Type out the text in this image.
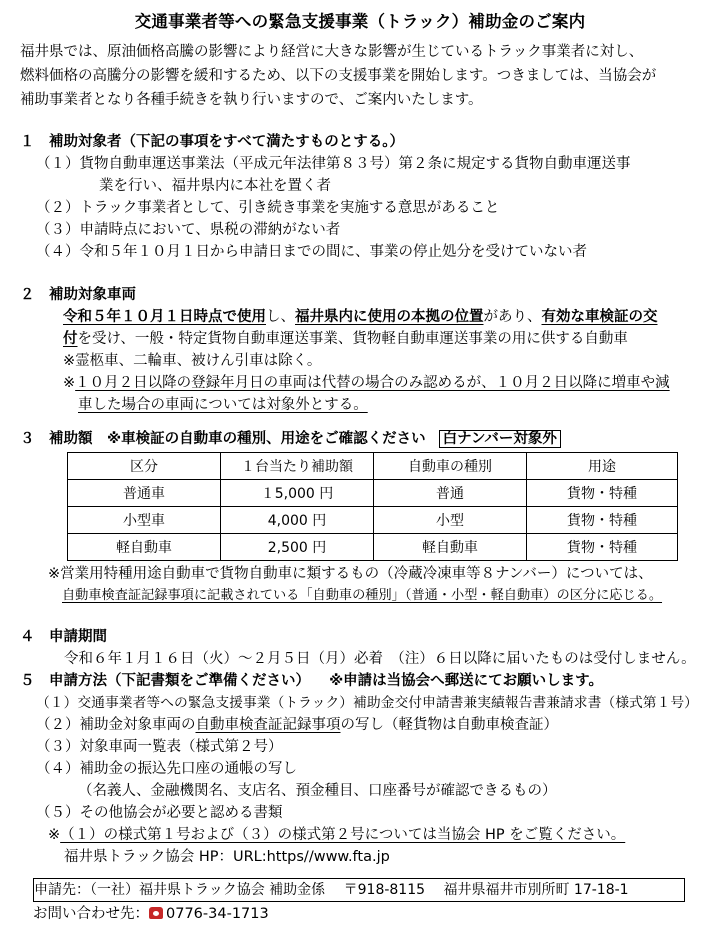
交通事業者等への緊急支援事業（トラック）補助金のご案内
福井県では、原油価格高騰の影響により経営に大きな影響が生じているトラック事業者に対し、
燃料価格の高騰分の影響を緩和するため、以下の支援事業を開始します。つきましては、当協会が
補助事業者となり各種手続きを執り行いますので、ご案内いたします。
１　補助対象者（下記の事項をすべて満たすものとする。）
（１）貨物自動車運送事業法（平成元年法律第８３号）第２条に規定する貨物自動車運送事
業を行い、福井県内に本社を置く者
（２）トラック事業者として、引き続き事業を実施する意思があること
（３）申請時点において、県税の滞納がない者
（４）令和５年１０月１日から申請日までの間に、事業の停止処分を受けていない者
２　補助対象車両
令和５年１０月１日時点で使用し、福井県内に使用の本拠の位置があり、有効な車検証の交
付を受け、一般・特定貨物自動車運送事業、貨物軽自動車運送事業の用に供する自動車
※霊柩車、二輪車、被けん引車は除く。
※１０月２日以降の登録年月日の車両は代替の場合のみ認めるが、１０月２日以降に増車や減
車した場合の車両については対象外とする。
３　補助額　※車検証の自動車の種別、用途をご確認ください 白ナンバー対象外
区分	１台当たり補助額	自動車の種別	用途
普通車	１5,000 円	普通	貨物・特種
小型車	4,000 円	小型	貨物・特種
軽自動車	2,500 円	軽自動車	貨物・特種
※営業用特種用途自動車で貨物自動車に類するもの（冷蔵冷凍車等８ナンバー）については、
自動車検査証記録事項に記載されている「自動車の種別」（普通・小型・軽自動車）の区分に応じる。
４　申請期間
令和６年１月１６日（火）～２月５日（月）必着　（注）６日以降に届いたものは受付しません。
５　申請方法（下記書類をご準備ください） ※申請は当協会へ郵送にてお願いします。
（１）交通事業者等への緊急支援事業（トラック）補助金交付申請書兼実績報告書兼請求書（様式第１号）
（２）補助金対象車両の自動車検査証記録事項の写し（軽貨物は自動車検査証）
（３）対象車両一覧表（様式第２号）
（４）補助金の振込先口座の通帳の写し
（名義人、金融機関名、支店名、預金種目、口座番号が確認できるもの）
（５）その他協会が必要と認める書類
※（１）の様式第１号および（３）の様式第２号については当協会 HP をご覧ください。
福井県トラック協会 HP：URL:https//www.fta.jp
申請先：（一社）福井県トラック協会 補助金係 〒918-8115 福井県福井市別所町 17-18-1
お問い合わせ先： 0776-34-1713
